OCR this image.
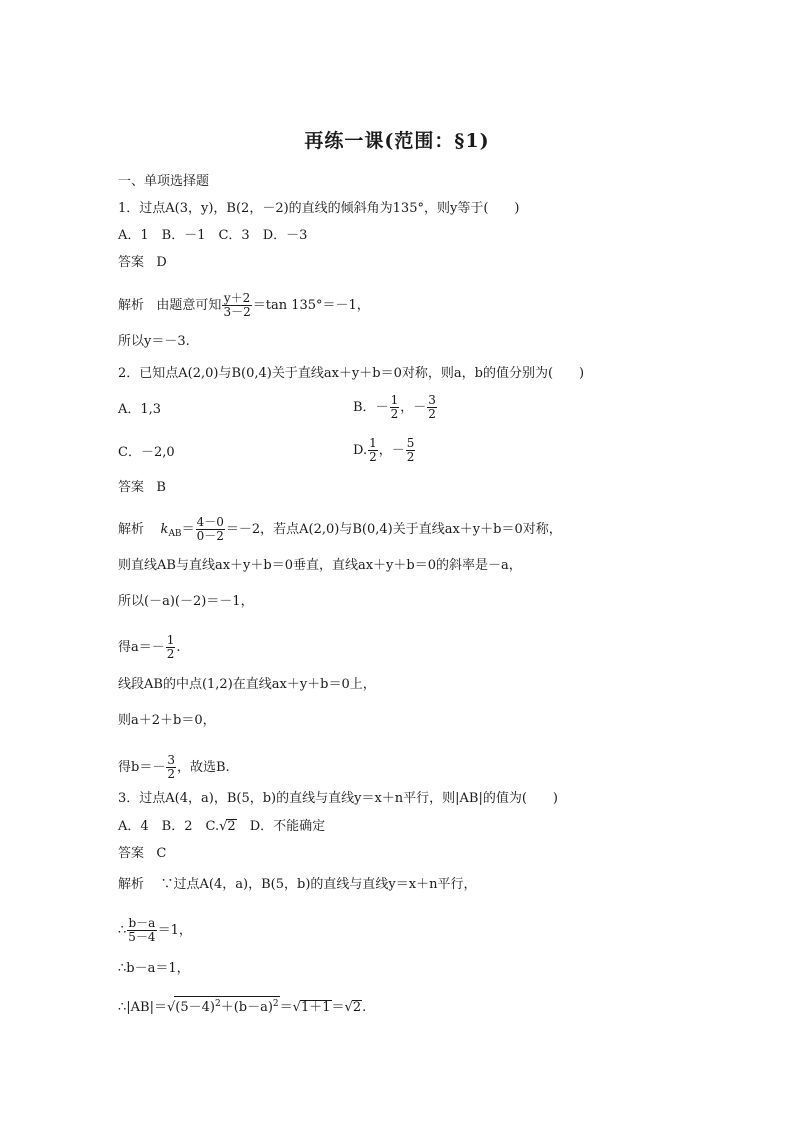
再练一课(范围：§1)
一、单项选择题
1．过点A(3，y)，B(2，－2)的直线的倾斜角为135°，则y等于(　　)
A．1　B．－1　C．3　D．－3
答案 D
解析 由题意可知 $\frac{y+2}{3-2} =\tan$ 135°＝－1，
所以y＝－3.
2．已知点A(2,0)与B(0,4)关于直线ax＋y＋b＝0对称，则a，b的值分别为(　　)
A．1,3	B．－ $\frac{1}{2}$ ，－ $\frac{3}{2}$
C．－2,0	D. $\frac{1}{2}$ ，－ $\frac{5}{2}$
答案 B
解析 $k_{AB}= \frac{4-0}{0-2} =-2$，若点A(2,0)与B(0,4)关于直线ax＋y＋b＝0对称，
则直线AB与直线ax＋y＋b＝0垂直，直线ax＋y＋b＝0的斜率是－a，
所以(－a)(－2)＝－1，
得$a=- \frac{1}{2}$ .
线段AB的中点(1,2)在直线ax＋y＋b＝0上，
则a＋2＋b＝0，
得$b=- \frac{3}{2}$ ，故选B.
3．过点A(4，a)，B(5，b)的直线与直线y＝x＋n平行，则|AB|的值为(　　)
A．4　B．2　C.√2　D．不能确定
答案 C
解析 ∵过点A(4，a)，B(5，b)的直线与直线y＝x＋n平行，
∴ $\frac{b-a}{5-4} =1$，
∴b－a＝1，
$\therefore|AB|=√(5-4)^2+(b-a)^2=√1+1=√2$.
